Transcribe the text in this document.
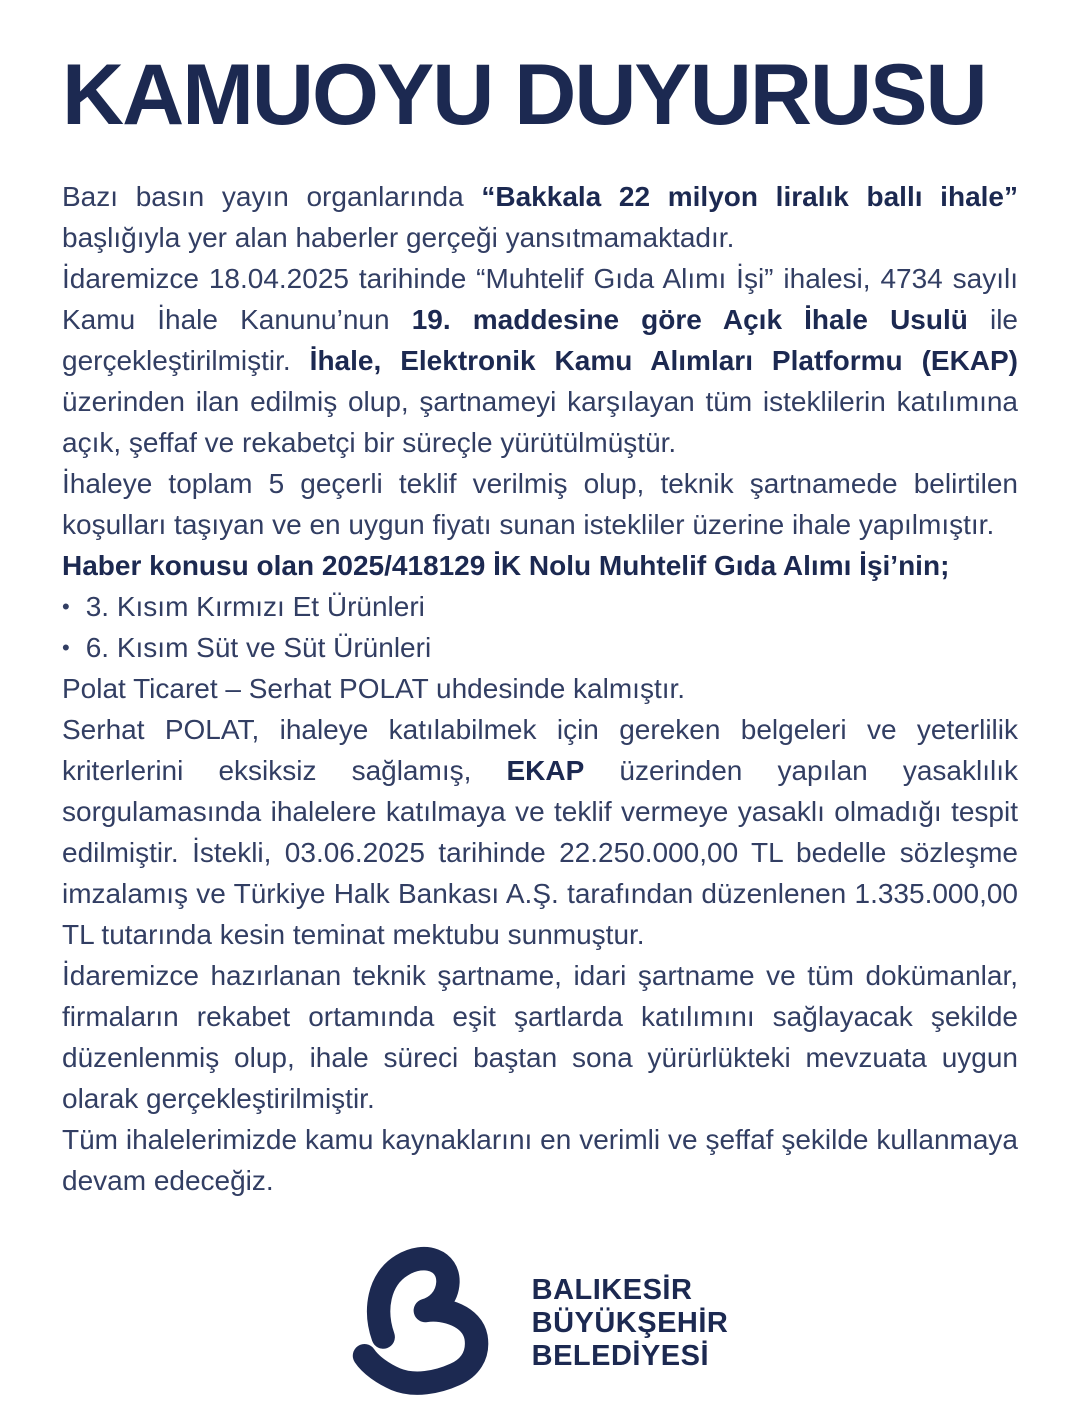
KAMUOYU DUYURUSU

Bazı basın yayın organlarında “Bakkala 22 milyon liralık ballı ihale” başlığıyla yer alan haberler gerçeği yansıtmamaktadır.

İdaremizce 18.04.2025 tarihinde “Muhtelif Gıda Alımı İşi” ihalesi, 4734 sayılı Kamu İhale Kanunu’nun 19. maddesine göre Açık İhale Usulü ile gerçekleştirilmiştir. İhale, Elektronik Kamu Alımları Platformu (EKAP) üzerinden ilan edilmiş olup, şartnameyi karşılayan tüm isteklilerin katılımına açık, şeffaf ve rekabetçi bir süreçle yürütülmüştür.

İhaleye toplam 5 geçerli teklif verilmiş olup, teknik şartnamede belirtilen koşulları taşıyan ve en uygun fiyatı sunan istekliler üzerine ihale yapılmıştır.

Haber konusu olan 2025/418129 İK Nolu Muhtelif Gıda Alımı İşi’nin;

• 3. Kısım Kırmızı Et Ürünleri

• 6. Kısım Süt ve Süt Ürünleri

Polat Ticaret – Serhat POLAT uhdesinde kalmıştır.

Serhat POLAT, ihaleye katılabilmek için gereken belgeleri ve yeterlilik kriterlerini eksiksiz sağlamış, EKAP üzerinden yapılan yasaklılık sorgulamasında ihalelere katılmaya ve teklif vermeye yasaklı olmadığı tespit edilmiştir. İstekli, 03.06.2025 tarihinde 22.250.000,00 TL bedelle sözleşme imzalamış ve Türkiye Halk Bankası A.Ş. tarafından düzenlenen 1.335.000,00 TL tutarında kesin teminat mektubu sunmuştur.

İdaremizce hazırlanan teknik şartname, idari şartname ve tüm dokümanlar, firmaların rekabet ortamında eşit şartlarda katılımını sağlayacak şekilde düzenlenmiş olup, ihale süreci baştan sona yürürlükteki mevzuata uygun olarak gerçekleştirilmiştir.

Tüm ihalelerimizde kamu kaynaklarını en verimli ve şeffaf şekilde kullanmaya devam edeceğiz.

BALIKESİR
BÜYÜKŞEHİR
BELEDİYESİ
